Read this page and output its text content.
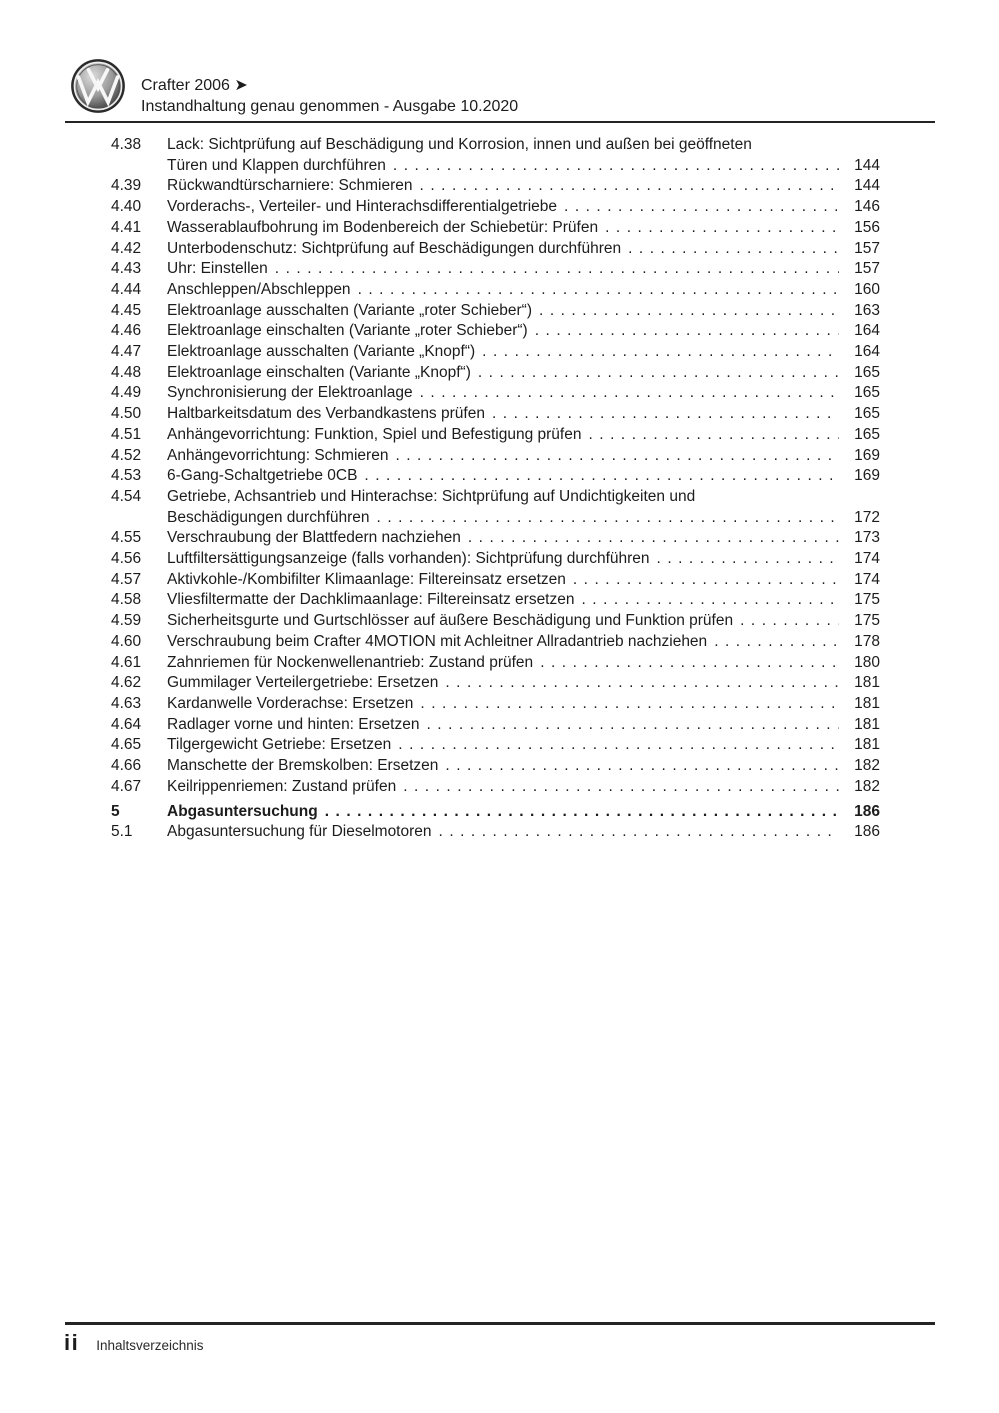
Crafter 2006 ➤
Instandhaltung genau genommen - Ausgabe 10.2020
4.38	Lack: Sichtprüfung auf Beschädigung und Korrosion, innen und außen bei geöffneten
Türen und Klappen durchführen .....	144
4.39	Rückwandtürscharniere: Schmieren .....	144
4.40	Vorderachs-, Verteiler- und Hinterachsdifferentialgetriebe .....	146
4.41	Wasserablaufbohrung im Bodenbereich der Schiebetür: Prüfen .....	156
4.42	Unterbodenschutz: Sichtprüfung auf Beschädigungen durchführen .....	157
4.43	Uhr: Einstellen .....	157
4.44	Anschleppen/Abschleppen .....	160
4.45	Elektroanlage ausschalten (Variante „roter Schieber“) .....	163
4.46	Elektroanlage einschalten (Variante „roter Schieber“) .....	164
4.47	Elektroanlage ausschalten (Variante „Knopf“) .....	164
4.48	Elektroanlage einschalten (Variante „Knopf“) .....	165
4.49	Synchronisierung der Elektroanlage .....	165
4.50	Haltbarkeitsdatum des Verbandkastens prüfen .....	165
4.51	Anhängevorrichtung: Funktion, Spiel und Befestigung prüfen .....	165
4.52	Anhängevorrichtung: Schmieren .....	169
4.53	6-Gang-Schaltgetriebe 0CB .....	169
4.54	Getriebe, Achsantrieb und Hinterachse: Sichtprüfung auf Undichtigkeiten und
Beschädigungen durchführen .....	172
4.55	Verschraubung der Blattfedern nachziehen .....	173
4.56	Luftfiltersättigungsanzeige (falls vorhanden): Sichtprüfung durchführen .....	174
4.57	Aktivkohle-/Kombifilter Klimaanlage: Filtereinsatz ersetzen .....	174
4.58	Vliesfiltermatte der Dachklimaanlage: Filtereinsatz ersetzen .....	175
4.59	Sicherheitsgurte und Gurtschlösser auf äußere Beschädigung und Funktion prüfen .....	175
4.60	Verschraubung beim Crafter 4MOTION mit Achleitner Allradantrieb nachziehen .....	178
4.61	Zahnriemen für Nockenwellenantrieb: Zustand prüfen .....	180
4.62	Gummilager Verteilergetriebe: Ersetzen .....	181
4.63	Kardanwelle Vorderachse: Ersetzen .....	181
4.64	Radlager vorne und hinten: Ersetzen .....	181
4.65	Tilgergewicht Getriebe: Ersetzen .....	181
4.66	Manschette der Bremskolben: Ersetzen .....	182
4.67	Keilrippenriemen: Zustand prüfen .....	182
5	Abgasuntersuchung .....	186
5.1	Abgasuntersuchung für Dieselmotoren .....	186
ii Inhaltsverzeichnis
